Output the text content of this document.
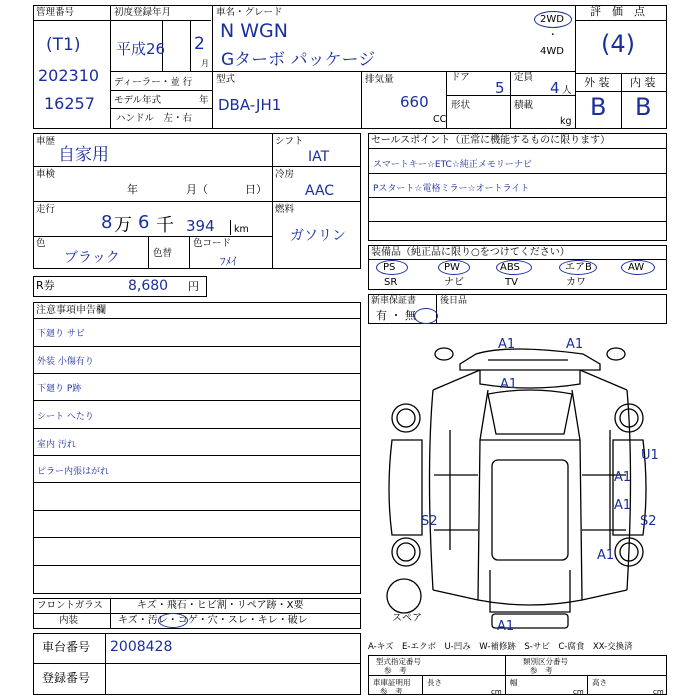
管理番号
(T1)
202310
16257
初度登録年月
平成26 2
月
車名・グレード
N WGN
Gターボ パッケージ
2WD
・
4WD
評　価　点
(4)
ディーラー・並 行
モデル年式	年
ハンドル　左・右
型式
DBA-JH1
排気量
660
CC
ドア
5
定員
4 人
形状	積載
kg
外 装 内 装
B B
車歴
自家用
車検
年	月（	日）
走行
8 万 6 千 394 km
色
ブラック	色替
色コード
ﾌﾒｲ
シフト
IAT
冷房
AAC
燃料
ガソリン
R券	8,680 円
注意事項申告欄
下廻り サビ
外装 小傷有り
下廻り P跡
シート へたり
室内 汚れ
ピラー内張はがれ
フロントガラス	キズ・飛石・ヒビ割・リペア跡・X要
内装	キズ・汚レ・コゲ・穴・スレ・キレ・破レ
車台番号 2008428
登録番号
セールスポイント（正常に機能するものに限ります）
スマートキー☆ETC☆純正メモリーナビ
Pスタート☆電格ミラー☆オートライト
装備品（純正品に限り○をつけてください）
PS	PW	ABS	エアB	AW
SR	ナビ	TV	カワ
新車保証書
有 ・ 無
後日品
スペア
A1	A1
A1
U1
A1
A1
S2	S2
A1
A1
A-キズ　E-エクボ　U-凹み　W-補修跡　S-サビ　C-腐食　XX-交換済
型式指定番号
参　考
類別区分番号
参　考
車庫証明用
参　考
長さ
cm
幅
cm
高さ
cm
